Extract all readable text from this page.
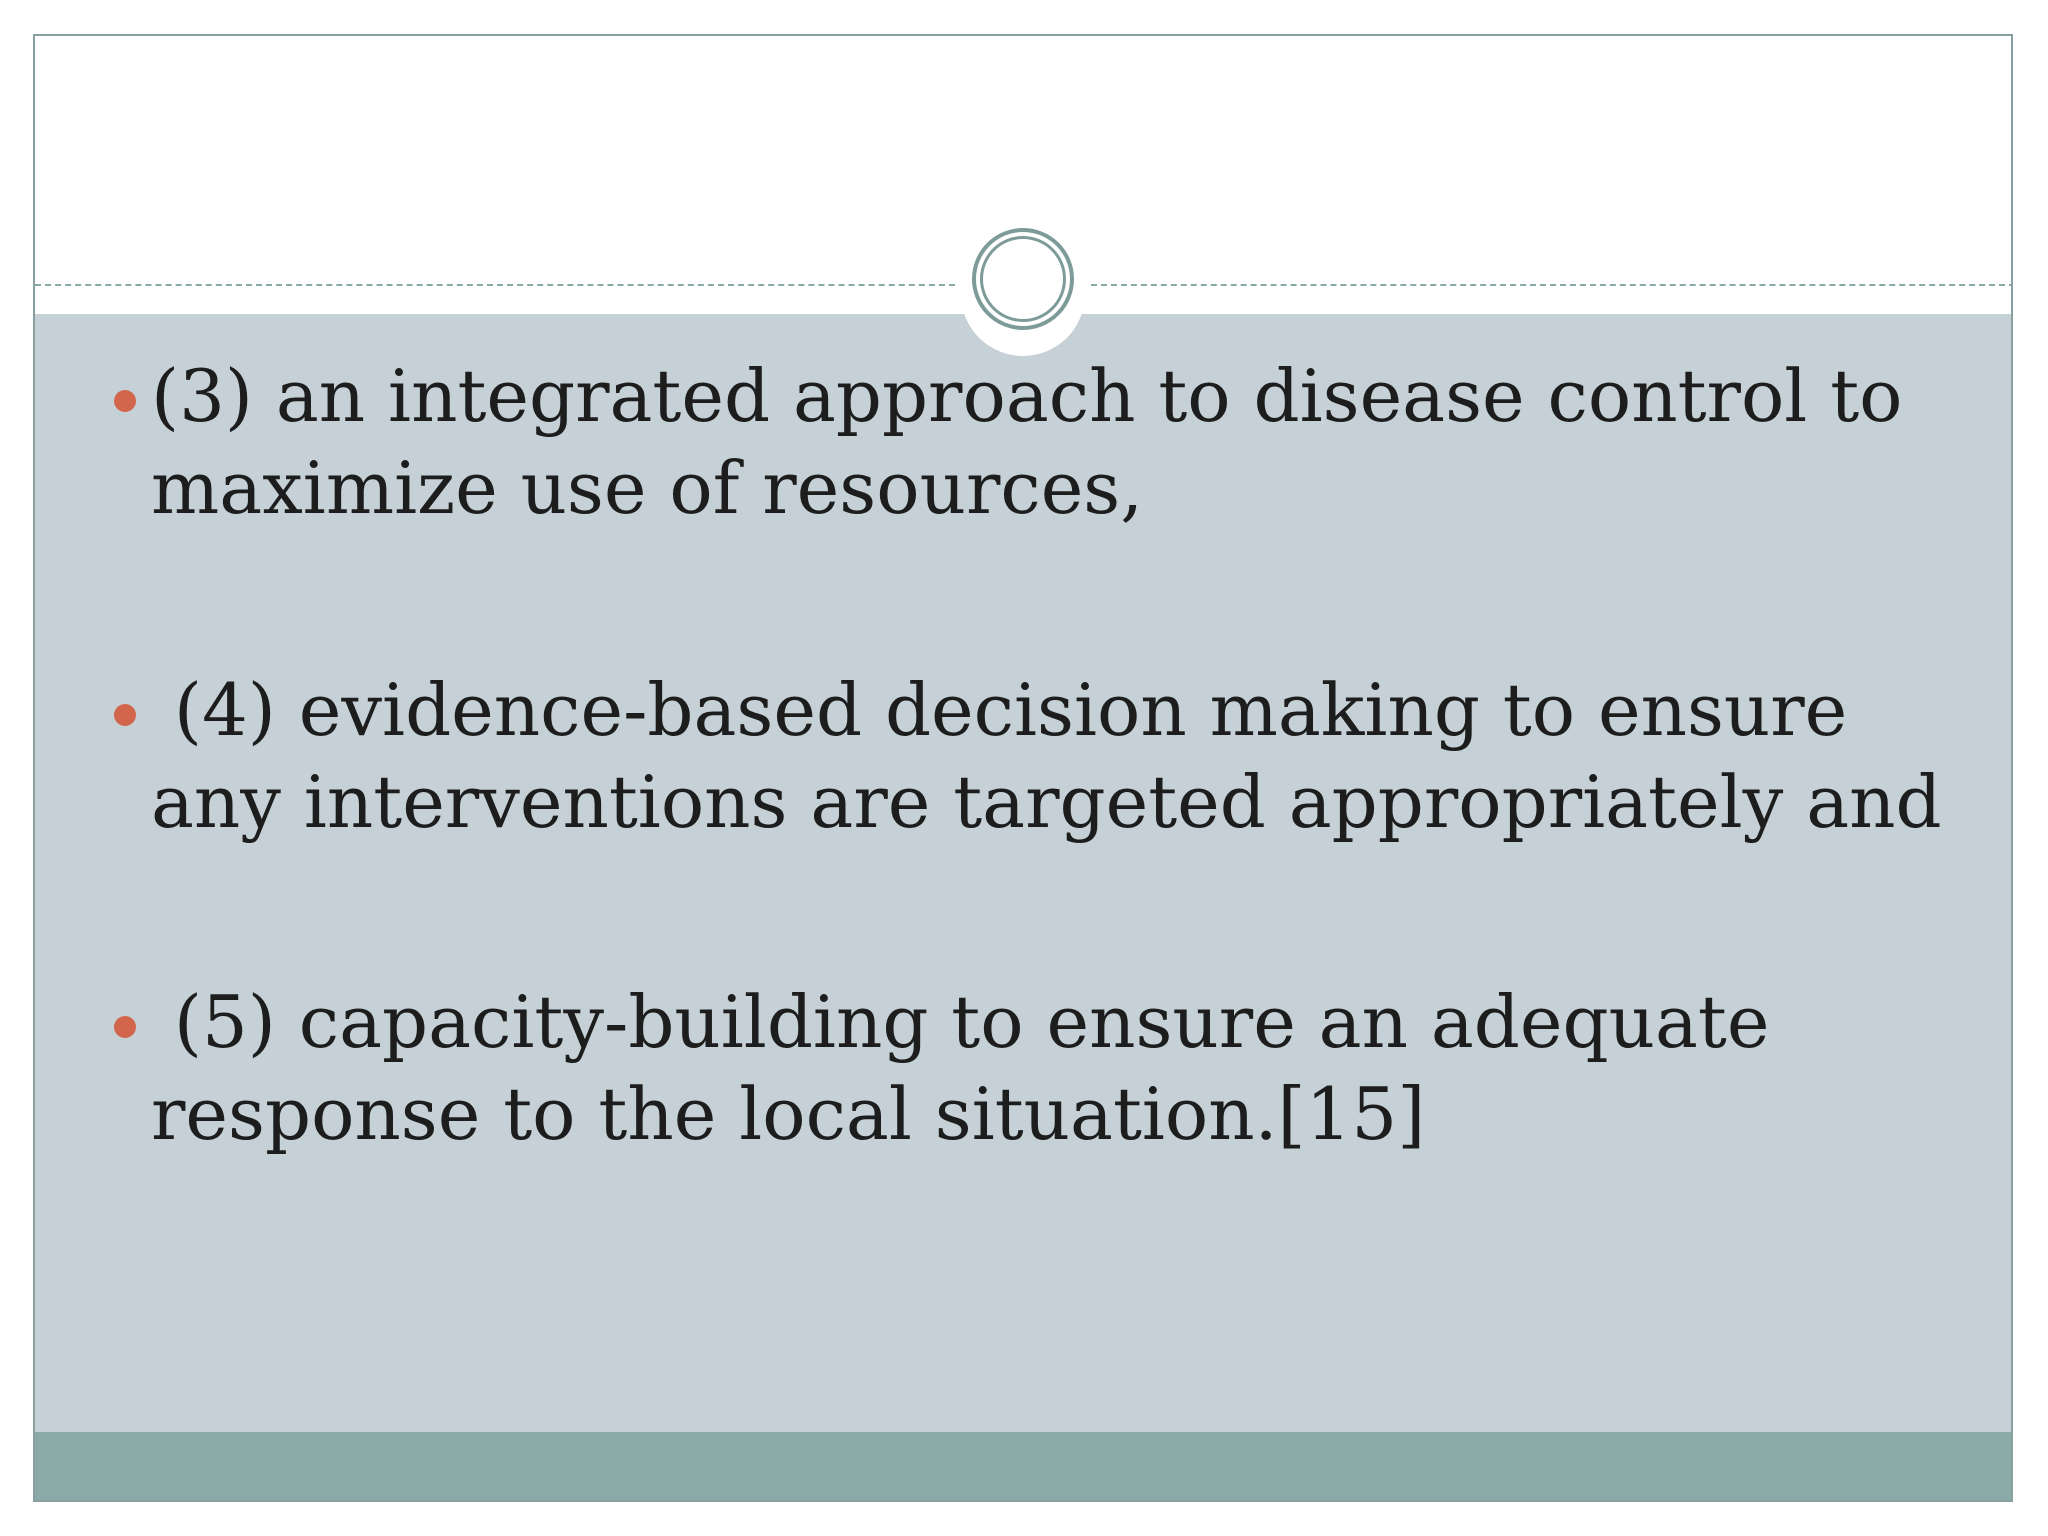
(3) an integrated approach to disease control to maximize use of resources,
(4) evidence-based decision making to ensure any interventions are targeted appropriately and
(5) capacity-building to ensure an adequate response to the local situation.[15]
